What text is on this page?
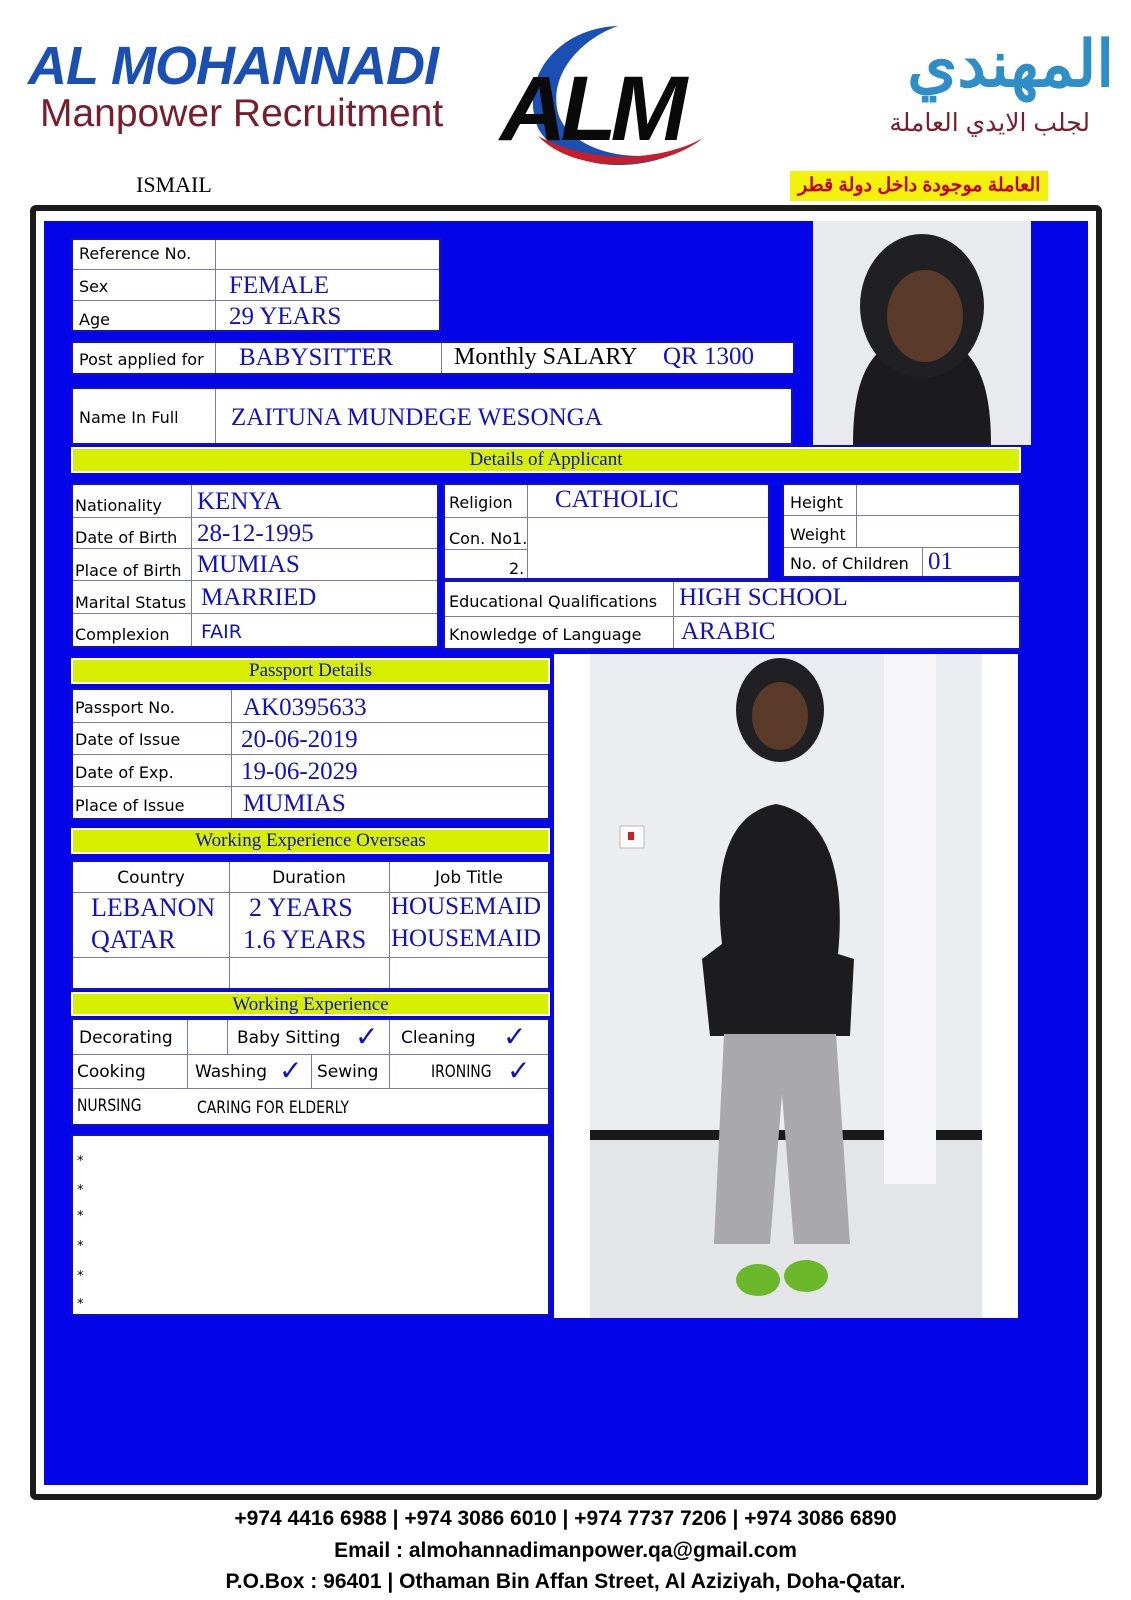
AL MOHANNADI
Manpower Recruitment ALM	المهندي
لجلب الايدي العاملة
ISMAIL	العاملة موجودة داخل دولة قطر
Reference No.
Sex	FEMALE
Age	29 YEARS
Post applied for BABYSITTER	Monthly SALARY QR 1300
Name In Full ZAITUNA MUNDEGE WESONGA
Details of Applicant
Nationality KENYA
Date of Birth 28-12-1995
Place of Birth MUMIAS
Marital Status MARRIED
Complexion FAIR
Religion CATHOLIC
Con. No1.
2.
Height
Weight
No. of Children 01
Educational Qualifications HIGH SCHOOL
Knowledge of Language ARABIC
Passport Details
Passport No.	AK0395633
Date of Issue 20-06-2019
Date of Exp.	19-06-2029
Place of Issue MUMIAS
Working Experience Overseas
Country	Duration	Job Title
LEBANON 2 YEARS HOUSEMAID
QATAR	1.6 YEARS HOUSEMAID
Working Experience
Decorating	Baby Sitting ✓ Cleaning ✓
Cooking	Washing ✓ Sewing	IRONING ✓
NURSING	CARING FOR ELDERLY
*
*
*
*
*
*
+974 4416 6988 | +974 3086 6010 | +974 7737 7206 | +974 3086 6890
Email : almohannadimanpower.qa@gmail.com
P.O.Box : 96401 | Othaman Bin Affan Street, Al Aziziyah, Doha-Qatar.
